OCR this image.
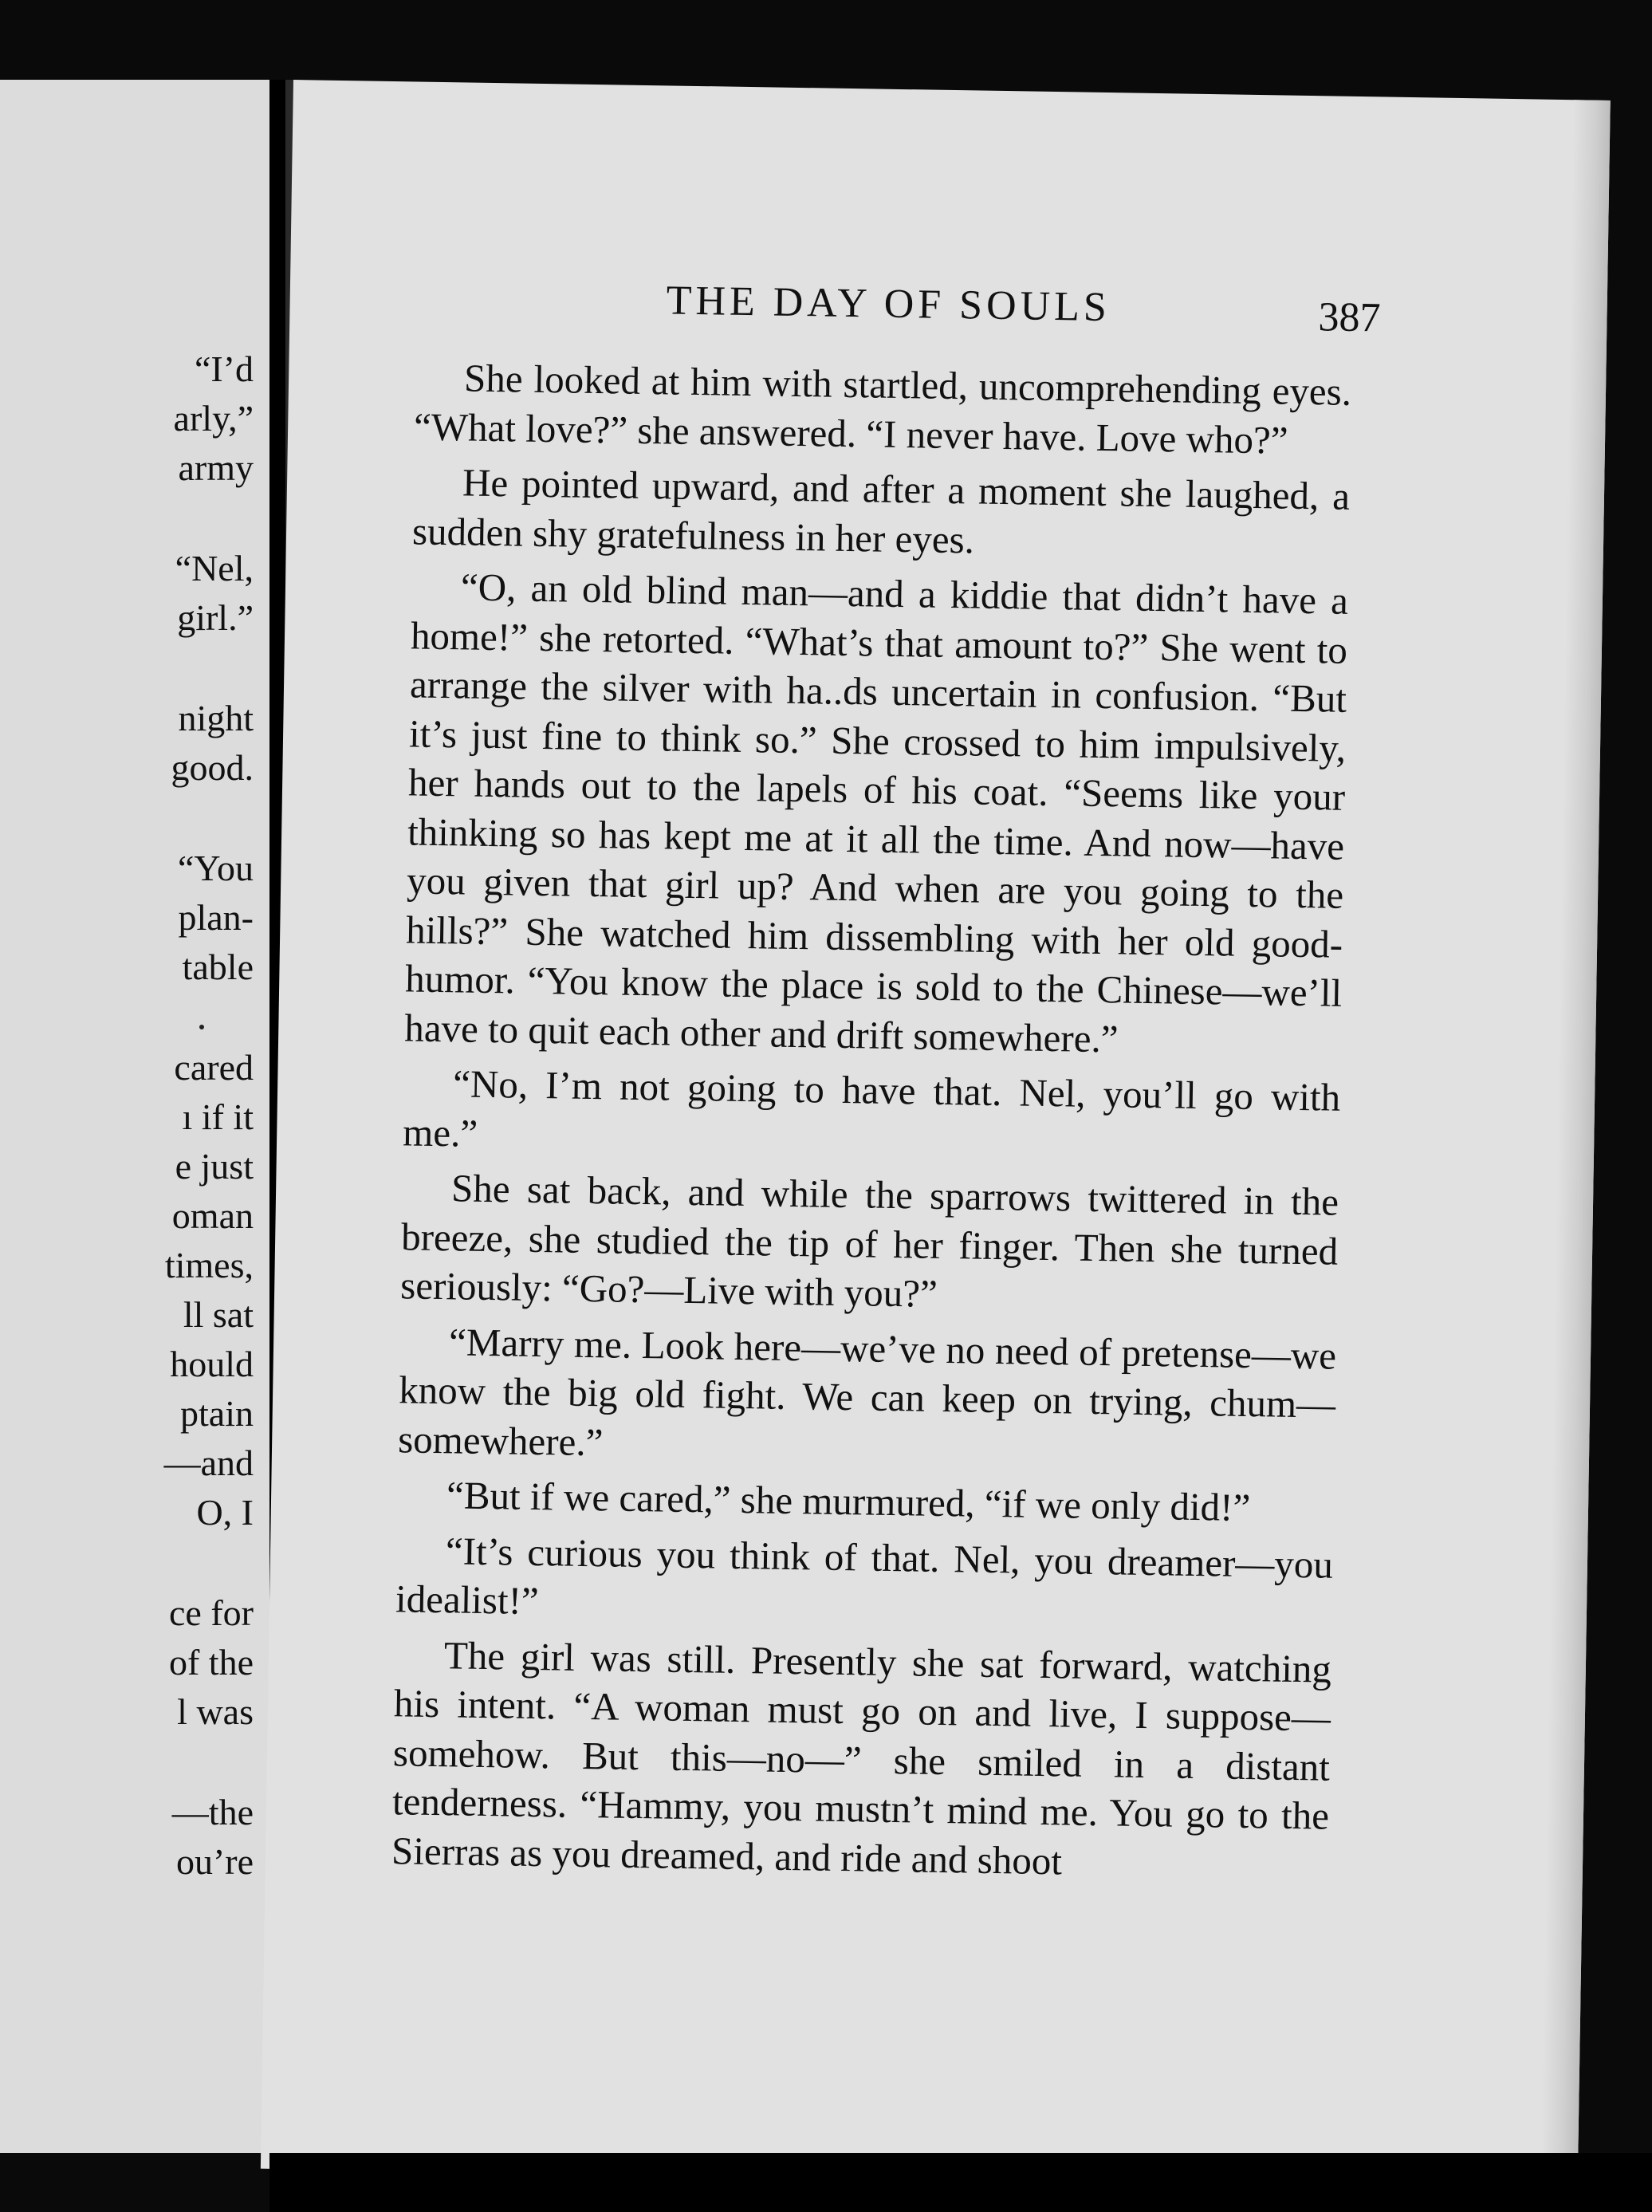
“I’d
arly,”
army
“Nel,
girl.”
night
good.
“You
plan-
table
cared
ı if it
e just
oman
times,
ll sat
hould
ptain
—and
O, I
ce for
of the
l was
—the
ou’re
THE DAY OF SOULS	387

She looked at him with startled, uncomprehending eyes. “What love?” she answered. “I never have. Love who?”

He pointed upward, and after a moment she laughed, a sudden shy gratefulness in her eyes.

“O, an old blind man—and a kiddie that didn’t have a home!” she retorted. “What’s that amount to?” She went to arrange the silver with ha..ds uncertain in confusion. “But it’s just fine to think so.” She crossed to him impulsively, her hands out to the lapels of his coat. “Seems like your thinking so has kept me at it all the time. And now—have you given that girl up? And when are you going to the hills?” She watched him dissembling with her old good-humor. “You know the place is sold to the Chinese—we’ll have to quit each other and drift somewhere.”

“No, I’m not going to have that. Nel, you’ll go with me.”

She sat back, and while the sparrows twittered in the breeze, she studied the tip of her finger. Then she turned seriously: “Go?—Live with you?”

“Marry me. Look here—we’ve no need of pretense—we know the big old fight. We can keep on trying, chum—somewhere.”

“But if we cared,” she murmured, “if we only did!”

“It’s curious you think of that. Nel, you dreamer—you idealist!”

The girl was still. Presently she sat forward, watching his intent. “A woman must go on and live, I suppose—somehow. But this—no—” she smiled in a distant tenderness. “Hammy, you mustn’t mind me. You go to the Sierras as you dreamed, and ride and shoot
